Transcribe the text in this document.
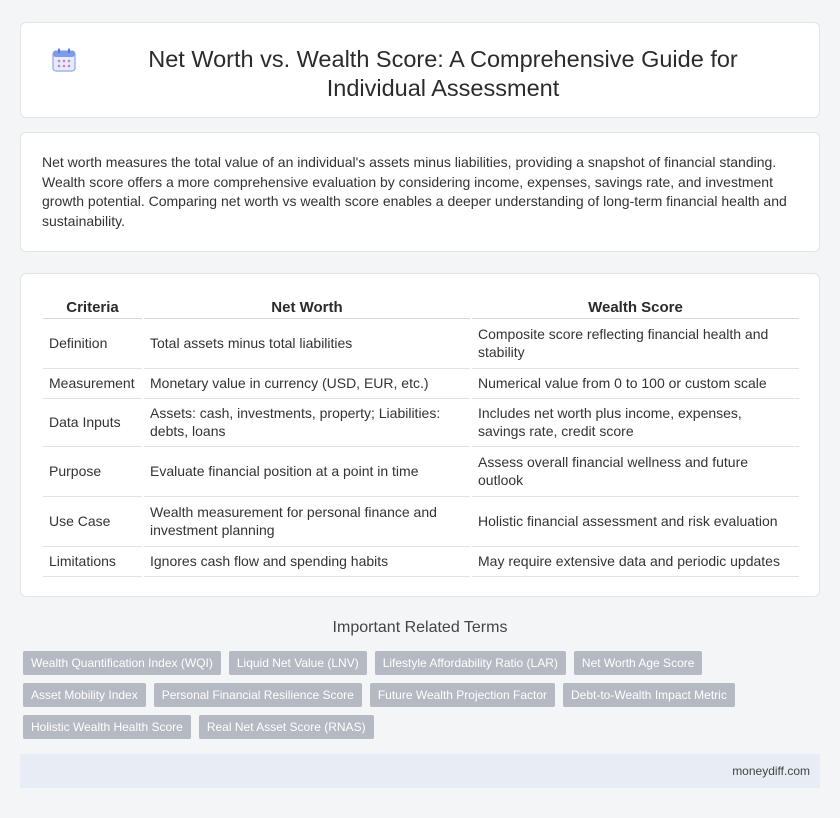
Net Worth vs. Wealth Score: A Comprehensive Guide for Individual Assessment

Net worth measures the total value of an individual's assets minus liabilities, providing a snapshot of financial standing. Wealth score offers a more comprehensive evaluation by considering income, expenses, savings rate, and investment growth potential. Comparing net worth vs wealth score enables a deeper understanding of long-term financial health and sustainability.

Criteria	Net Worth	Wealth Score
Definition	Total assets minus total liabilities	Composite score reflecting financial health and stability
Measurement	Monetary value in currency (USD, EUR, etc.)	Numerical value from 0 to 100 or custom scale
Data Inputs	Assets: cash, investments, property; Liabilities: debts, loans	Includes net worth plus income, expenses, savings rate, credit score
Purpose	Evaluate financial position at a point in time	Assess overall financial wellness and future outlook
Use Case	Wealth measurement for personal finance and investment planning	Holistic financial assessment and risk evaluation
Limitations	Ignores cash flow and spending habits	May require extensive data and periodic updates
Important Related Terms
Wealth Quantification Index (WQI)	Liquid Net Value (LNV)	Lifestyle Affordability Ratio (LAR)	Net Worth Age Score
Asset Mobility Index	Personal Financial Resilience Score	Future Wealth Projection Factor	Debt-to-Wealth Impact Metric
Holistic Wealth Health Score	Real Net Asset Score (RNAS)
moneydiff.com
